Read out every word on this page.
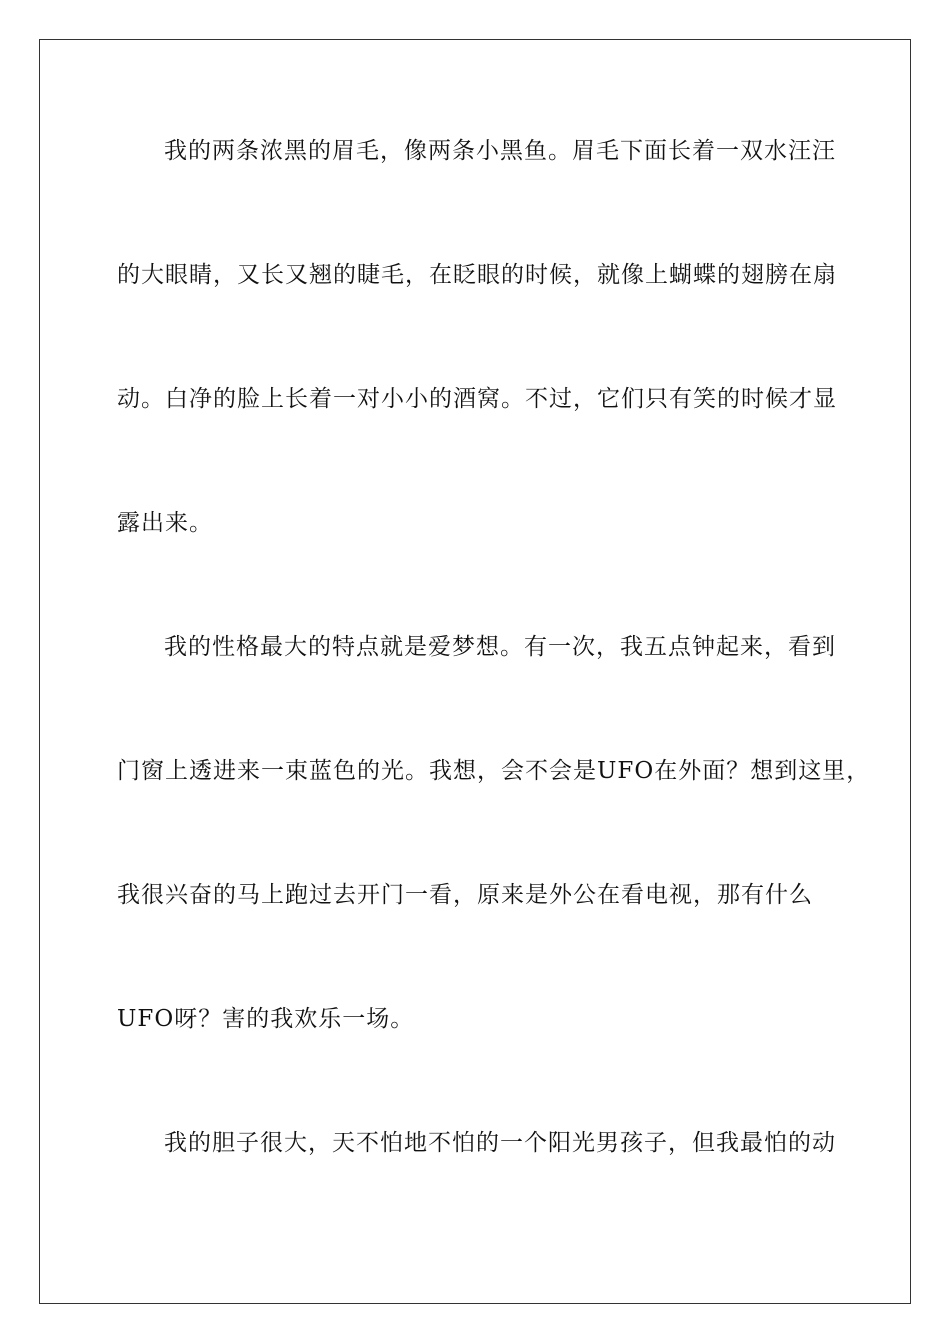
我的两条浓黑的眉毛，像两条小黑鱼。眉毛下面长着一双水汪汪
的大眼睛，又长又翘的睫毛，在眨眼的时候，就像上蝴蝶的翅膀在扇
动。白净的脸上长着一对小小的酒窝。不过，它们只有笑的时候才显
露出来。
我的性格最大的特点就是爱梦想。有一次，我五点钟起来，看到
门窗上透进来一束蓝色的光。我想，会不会是UFO在外面？想到这里，
我很兴奋的马上跑过去开门一看，原来是外公在看电视，那有什么
UFO呀？害的我欢乐一场。
我的胆子很大，天不怕地不怕的一个阳光男孩子，但我最怕的动
